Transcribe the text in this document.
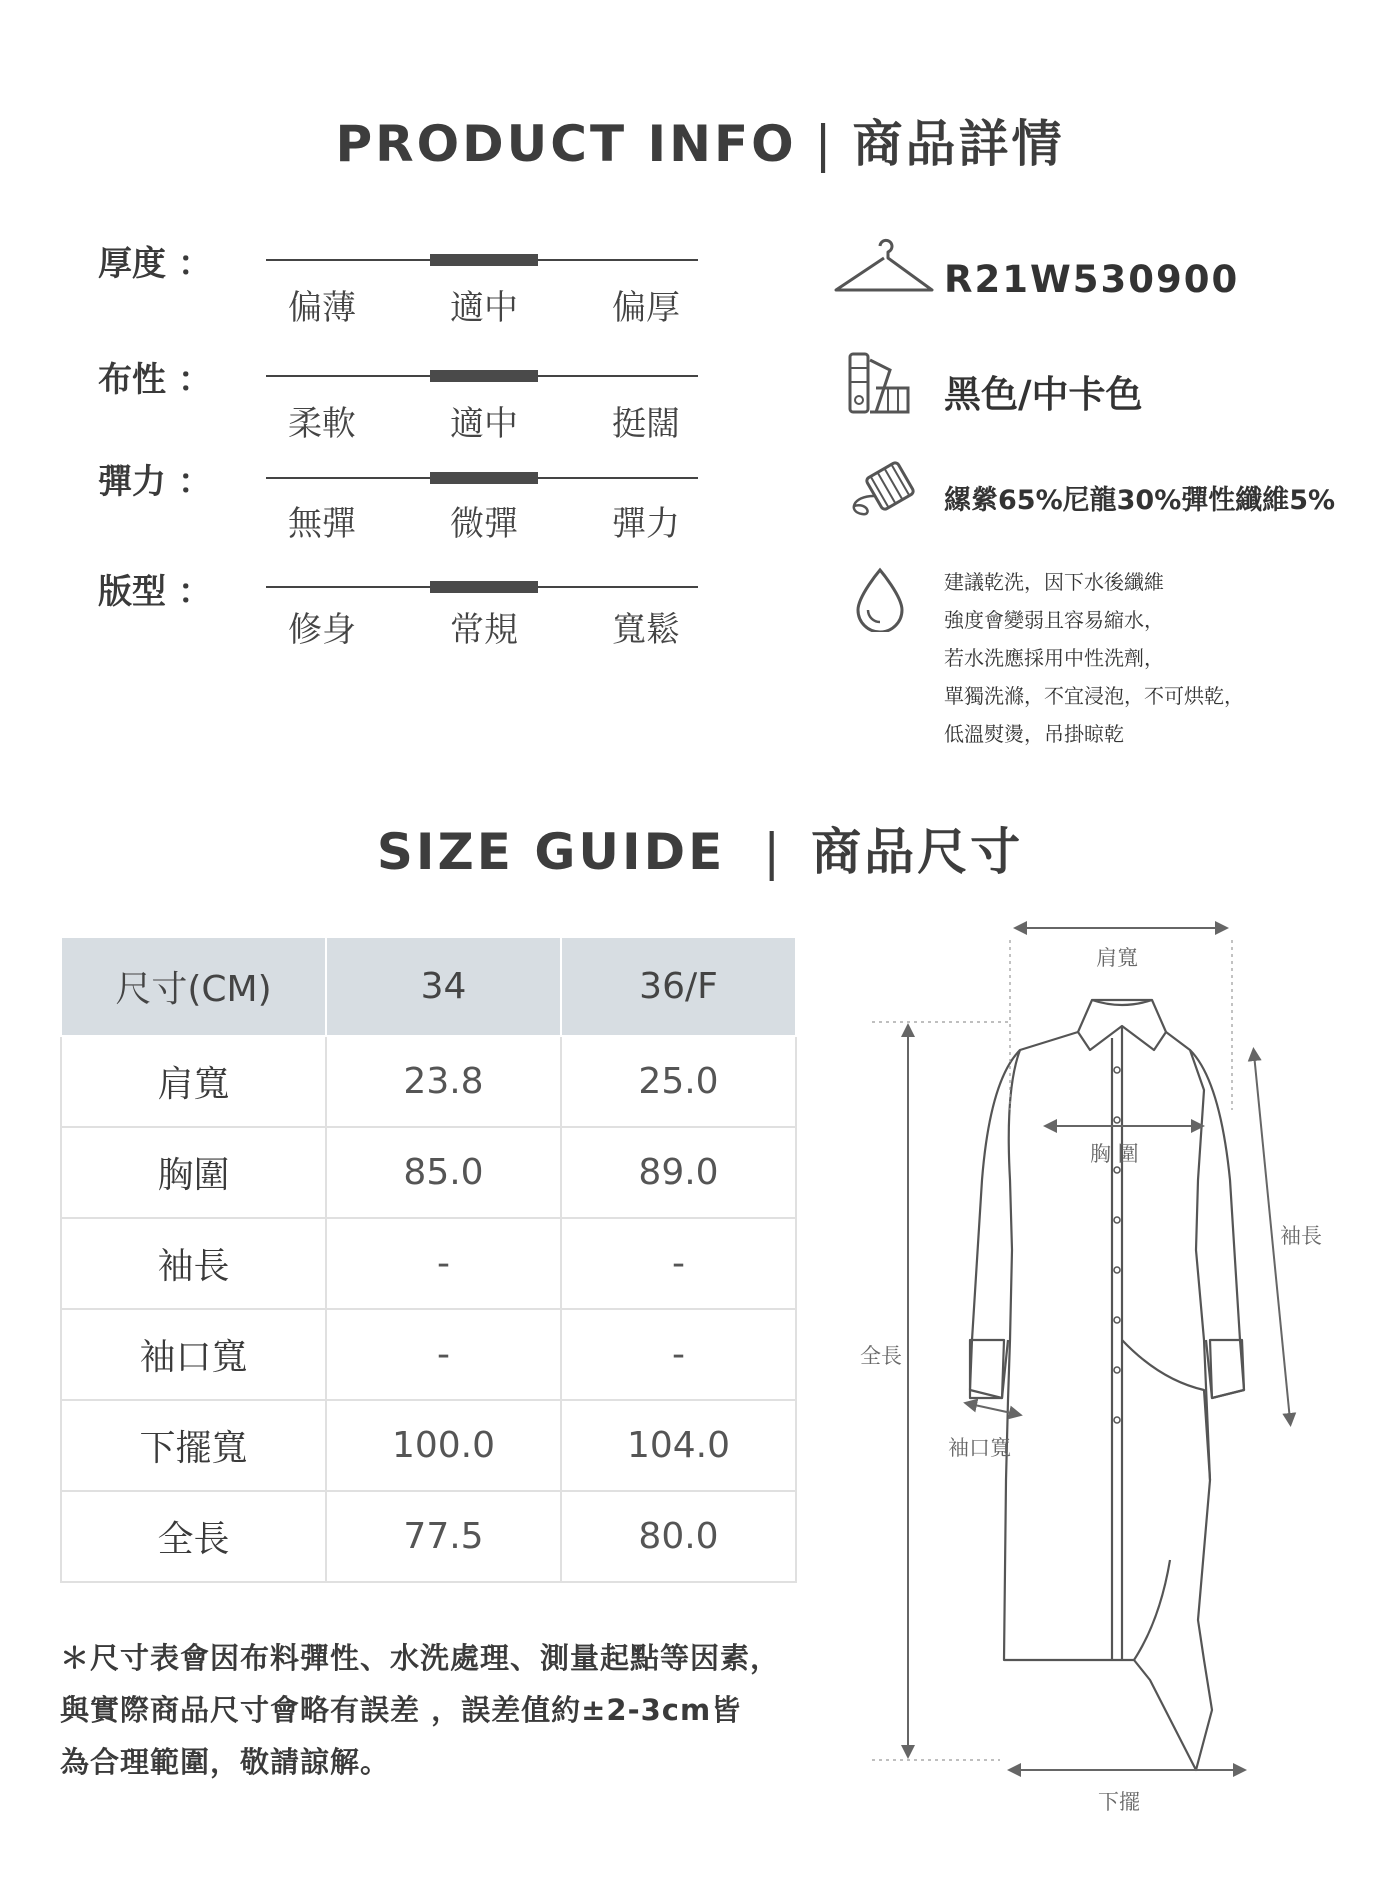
PRODUCT INFO | 商品詳情
厚度 ：
偏薄	適中	偏厚
布性 ：
柔軟	適中	挺闊
彈力 ：
無彈	微彈	彈力
版型 ：
修身	常規	寬鬆
R21W530900
黑色/中卡色
縲縈65%尼龍30%彈性纖維5%
建議乾洗，因下水後纖維
強度會變弱且容易縮水，
若水洗應採用中性洗劑，
單獨洗滌，不宜浸泡，不可烘乾，
低溫熨燙，吊掛晾乾
SIZE GUIDE | 商品尺寸
尺寸(CM)	34	36/F
肩寬	23.8	25.0
胸圍	85.0	89.0
袖長	-	-
袖口寬	-	-
下擺寬	100.0	104.0
全長	77.5	80.0
＊尺寸表會因布料彈性、水洗處理、測量起點等因素，
與實際商品尺寸會略有誤差 ，誤差值約±2-3cm皆
為合理範圍，敬請諒解。
肩寬
胸 圍
袖長
全長
袖口寬
下擺
